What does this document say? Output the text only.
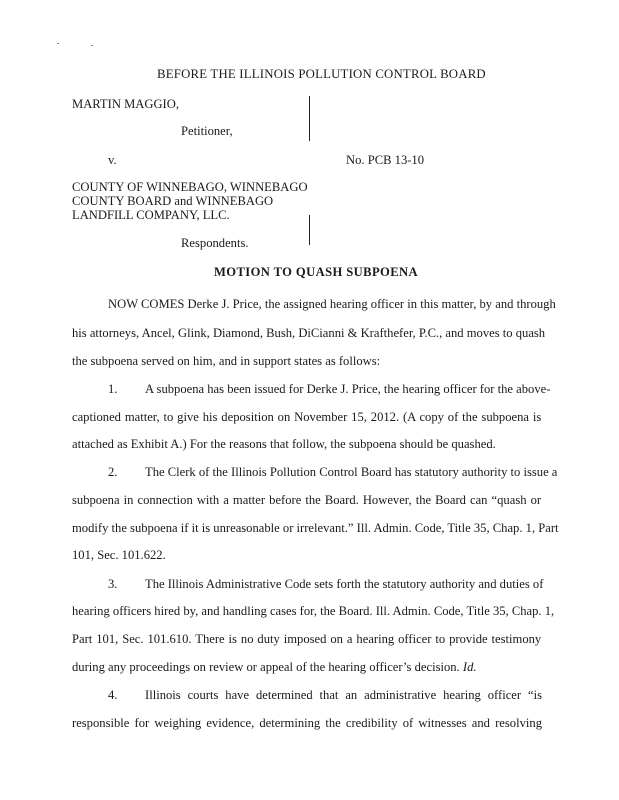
BEFORE THE ILLINOIS POLLUTION CONTROL BOARD
MARTIN MAGGIO,
Petitioner,
v.	No. PCB 13-10
COUNTY OF WINNEBAGO, WINNEBAGO
COUNTY BOARD and WINNEBAGO
LANDFILL COMPANY, LLC.
Respondents.
MOTION TO QUASH SUBPOENA
NOW COMES Derke J. Price, the assigned hearing officer in this matter, by and through
his attorneys, Ancel, Glink, Diamond, Bush, DiCianni & Krafthefer, P.C., and moves to quash
the subpoena served on him, and in support states as follows:
1. A subpoena has been issued for Derke J. Price, the hearing officer for the above-
captioned matter, to give his deposition on November 15, 2012. (A copy of the subpoena is
attached as Exhibit A.) For the reasons that follow, the subpoena should be quashed.
2. The Clerk of the Illinois Pollution Control Board has statutory authority to issue a
subpoena in connection with a matter before the Board. However, the Board can “quash or
modify the subpoena if it is unreasonable or irrelevant.” Ill. Admin. Code, Title 35, Chap. 1, Part
101, Sec. 101.622.
3. The Illinois Administrative Code sets forth the statutory authority and duties of
hearing officers hired by, and handling cases for, the Board. Ill. Admin. Code, Title 35, Chap. 1,
Part 101, Sec. 101.610. There is no duty imposed on a hearing officer to provide testimony
during any proceedings on review or appeal of the hearing officer’s decision. Id.
4. Illinois courts have determined that an administrative hearing officer “is
responsible for weighing evidence, determining the credibility of witnesses and resolving
